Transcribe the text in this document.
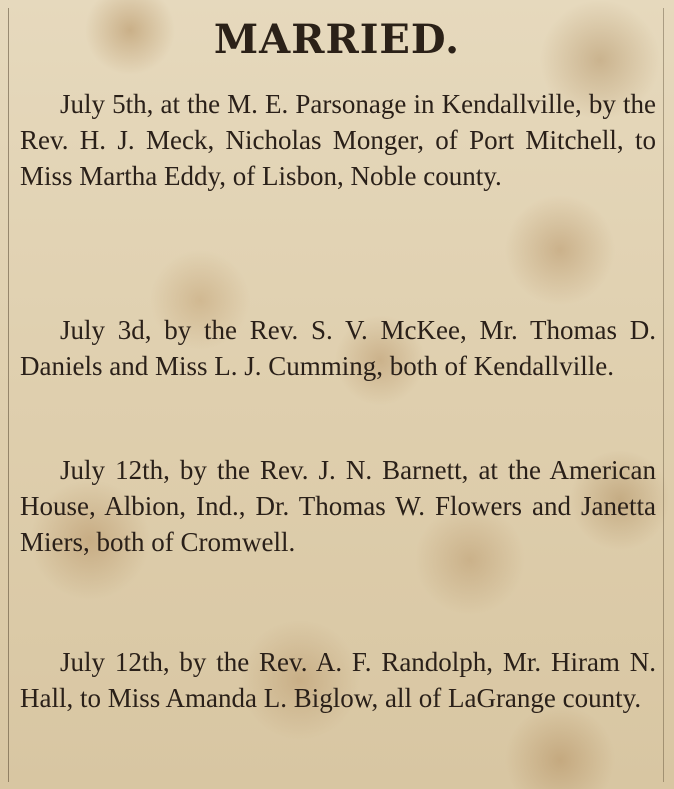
MARRIED.

July 5th, at the M. E. Parsonage in Kendallville, by the Rev. H. J. Meck, Nicholas Monger, of Port Mitchell, to Miss Martha Eddy, of Lisbon, Noble county.

July 3d, by the Rev. S. V. McKee, Mr. Thomas D. Daniels and Miss L. J. Cumming, both of Kendallville.

July 12th, by the Rev. J. N. Barnett, at the American House, Albion, Ind., Dr. Thomas W. Flowers and Janetta Miers, both of Cromwell.

July 12th, by the Rev. A. F. Randolph, Mr. Hiram N. Hall, to Miss Amanda L. Biglow, all of LaGrange county.
